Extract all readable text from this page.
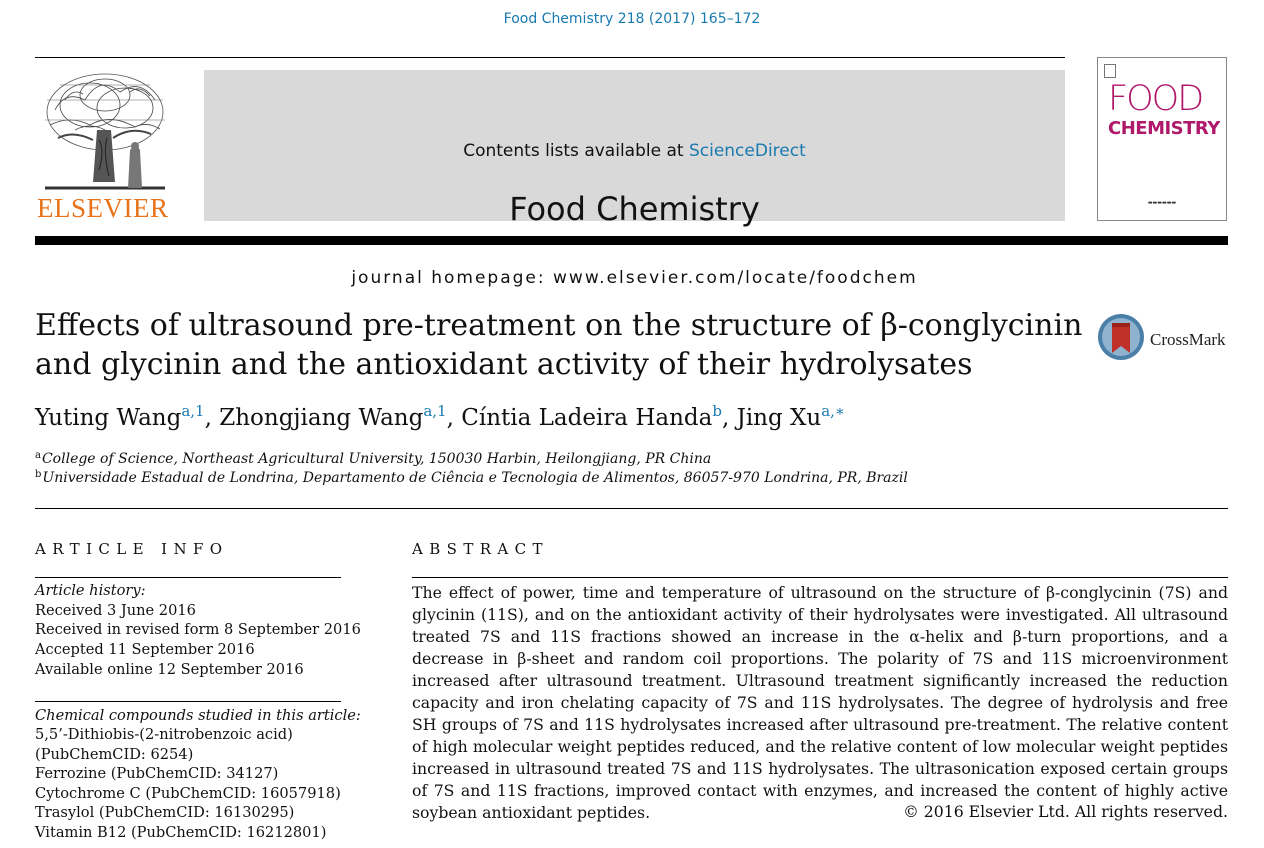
Food Chemistry 218 (2017) 165–172
ELSEVIER
Contents lists available at ScienceDirect
Food Chemistry
journal homepage: www.elsevier.com/locate/foodchem
FOOD
CHEMISTRY
▬▬▬▬▬▬
Effects of ultrasound pre-treatment on the structure of β-conglycinin and glycinin and the antioxidant activity of their hydrolysates
CrossMark
Yuting Wang$^{a,1}$, Zhongjiang Wang$^{a,1}$, Cíntia Ladeira Handa$^b$, Jing $Xu^{a,∗}$
$^a$College of Science, Northeast Agricultural University, 150030 Harbin, Heilongjiang, PR China
$^b$Universidade Estadual de Londrina, Departamento de Ciência e Tecnologia de Alimentos, 86057-970 Londrina, PR, Brazil
ARTICLE INFO	ABSTRACT
Article history:
Received 3 June 2016
Received in revised form 8 September 2016
Accepted 11 September 2016
Available online 12 September 2016
Chemical compounds studied in this article:
5,5’-Dithiobis-(2-nitrobenzoic acid)
(PubChemCID: 6254)
Ferrozine (PubChemCID: 34127)
Cytochrome C (PubChemCID: 16057918)
Trasylol (PubChemCID: 16130295)
Vitamin B12 (PubChemCID: 16212801)
The effect of power, time and temperature of ultrasound on the structure of β-conglycinin (7S) and glycinin (11S), and on the antioxidant activity of their hydrolysates were investigated. All ultrasound treated 7S and 11S fractions showed an increase in the α-helix and β-turn proportions, and a decrease in β-sheet and random coil proportions. The polarity of 7S and 11S microenvironment increased after ultrasound treatment. Ultrasound treatment significantly increased the reduction capacity and iron chelating capacity of 7S and 11S hydrolysates. The degree of hydrolysis and free SH groups of 7S and 11S hydrolysates increased after ultrasound pre-treatment. The relative content of high molecular weight peptides reduced, and the relative content of low molecular weight peptides increased in ultrasound treated 7S and 11S hydrolysates. The ultrasonication exposed certain groups of 7S and 11S fractions, improved contact with enzymes, and increased the content of highly active soybean antioxidant peptides.	© 2016 Elsevier Ltd. All rights reserved.
